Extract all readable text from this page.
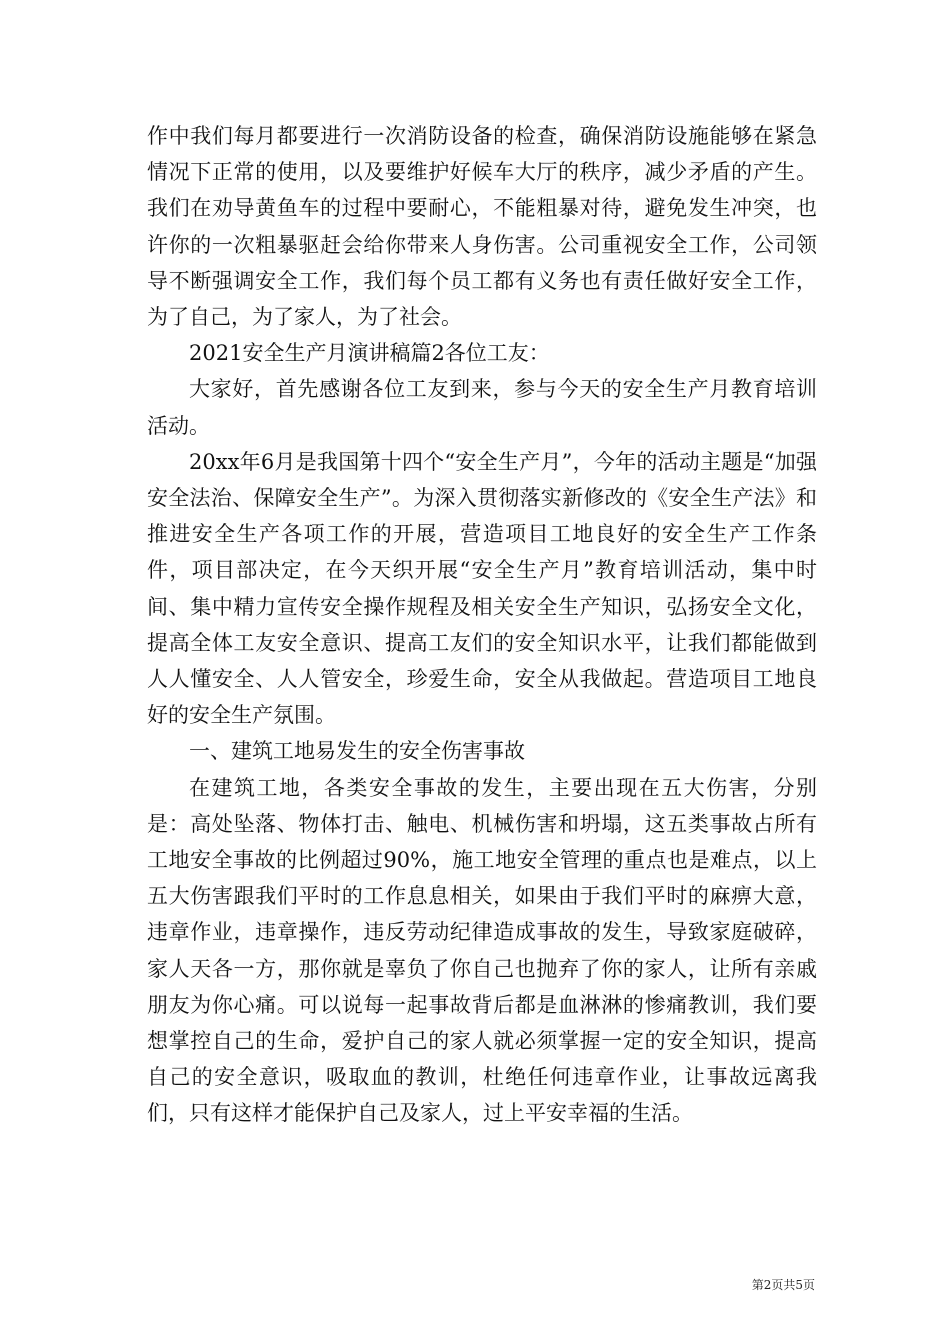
作中我们每月都要进行一次消防设备的检查，确保消防设施能够在紧急情况下正常的使用，以及要维护好候车大厅的秩序，减少矛盾的产生。我们在劝导黄鱼车的过程中要耐心，不能粗暴对待，避免发生冲突，也许你的一次粗暴驱赶会给你带来人身伤害。公司重视安全工作，公司领导不断强调安全工作，我们每个员工都有义务也有责任做好安全工作，为了自己，为了家人，为了社会。

2021安全生产月演讲稿篇2各位工友：

大家好，首先感谢各位工友到来，参与今天的安全生产月教育培训活动。

20xx年6月是我国第十四个“安全生产月”，今年的活动主题是“加强安全法治、保障安全生产”。为深入贯彻落实新修改的《安全生产法》和推进安全生产各项工作的开展，营造项目工地良好的安全生产工作条件，项目部决定，在今天织开展“安全生产月”教育培训活动，集中时间、集中精力宣传安全操作规程及相关安全生产知识，弘扬安全文化，提高全体工友安全意识、提高工友们的安全知识水平，让我们都能做到人人懂安全、人人管安全，珍爱生命，安全从我做起。营造项目工地良好的安全生产氛围。

一、建筑工地易发生的安全伤害事故

在建筑工地，各类安全事故的发生，主要出现在五大伤害，分别是：高处坠落、物体打击、触电、机械伤害和坍塌，这五类事故占所有工地安全事故的比例超过90%，施工地安全管理的重点也是难点，以上五大伤害跟我们平时的工作息息相关，如果由于我们平时的麻痹大意，违章作业，违章操作，违反劳动纪律造成事故的发生，导致家庭破碎，家人天各一方，那你就是辜负了你自己也抛弃了你的家人，让所有亲戚朋友为你心痛。可以说每一起事故背后都是血淋淋的惨痛教训，我们要想掌控自己的生命，爱护自己的家人就必须掌握一定的安全知识，提高自己的安全意识，吸取血的教训，杜绝任何违章作业，让事故远离我们，只有这样才能保护自己及家人，过上平安幸福的生活。

第2页共5页
